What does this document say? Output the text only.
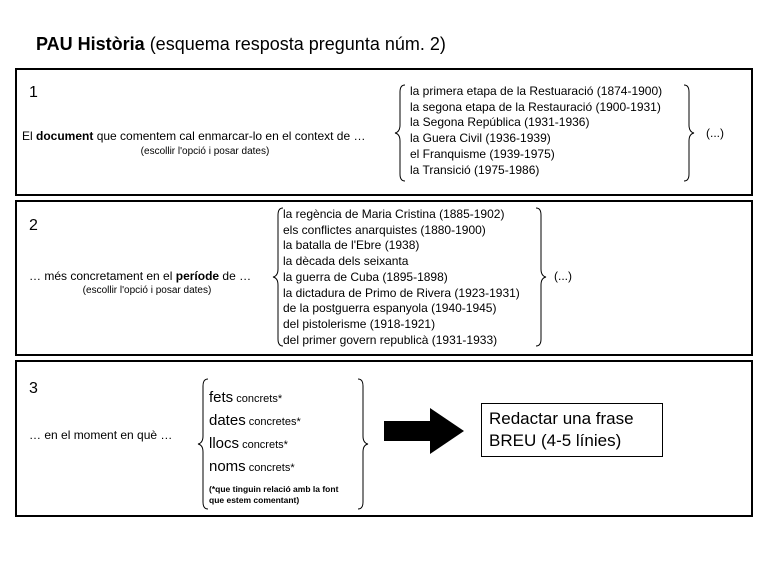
PAU Història (esquema resposta pregunta núm. 2)
1
El document que comentem cal enmarcar-lo en el context de …
(escollir l'opció i posar dates)
la primera etapa de la Restuaració (1874-1900)
la segona etapa de la Restauració (1900-1931)
la Segona República (1931-1936)
la Guera Civil (1936-1939)
el Franquisme (1939-1975)
la Transició (1975-1986)
(...)
2
… més concretament en el període de …
(escollir l'opció i posar dates)
la regència de Maria Cristina (1885-1902)
els conflictes anarquistes (1880-1900)
la batalla de l'Ebre (1938)
la dècada dels seixanta
la guerra de Cuba (1895-1898)
la dictadura de Primo de Rivera (1923-1931)
de la postguerra espanyola (1940-1945)
del pistolerisme (1918-1921)
del primer govern republicà (1931-1933)
(...)
3
… en el moment en què …
fets concrets*
dates concretes*
llocs concrets*
noms concrets*
(*que tinguin relació amb la font
que estem comentant)
Redactar una frase
BREU (4-5 línies)
